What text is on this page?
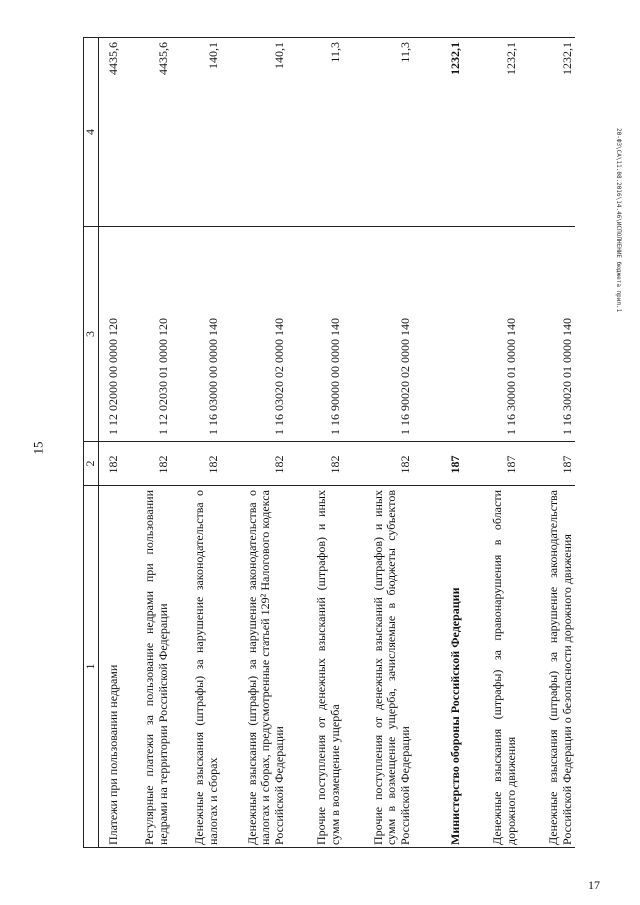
15
17
20-ФЗ\СА\11.08.2016\14.46\ИСПОЛНЕНИЕ бюджета прил.1
1	2	3	4
Платежи при пользовании недрами	182	1 12 02000 00 0000 120	4435,6
Регулярные платежи за пользование недрами при пользовании недрами на территории Российской Федерации	182	1 12 02030 01 0000 120	4435,6
Денежные взыскания (штрафы) за нарушение законодательства о налогах и сборах	182	1 16 03000 00 0000 140	140,1
Денежные взыскания (штрафы) за нарушение законодательства о налогах и сборах, предусмотренные статьей 129² Налогового кодекса Российской Федерации	182	1 16 03020 02 0000 140	140,1
Прочие поступления от денежных взысканий (штрафов) и иных сумм в возмещение ущерба	182	1 16 90000 00 0000 140	11,3
Прочие поступления от денежных взысканий (штрафов) и иных сумм в возмещение ущерба, зачисляемые в бюджеты субъектов Российской Федерации	182	1 16 90020 02 0000 140	11,3
Министерство обороны Российской Федерации	187		1232,1
Денежные взыскания (штрафы) за правонарушения в области дорожного движения	187	1 16 30000 01 0000 140	1232,1
Денежные взыскания (штрафы) за нарушение законодательства Российской Федерации о безопасности дорожного движения	187	1 16 30020 01 0000 140	1232,1
